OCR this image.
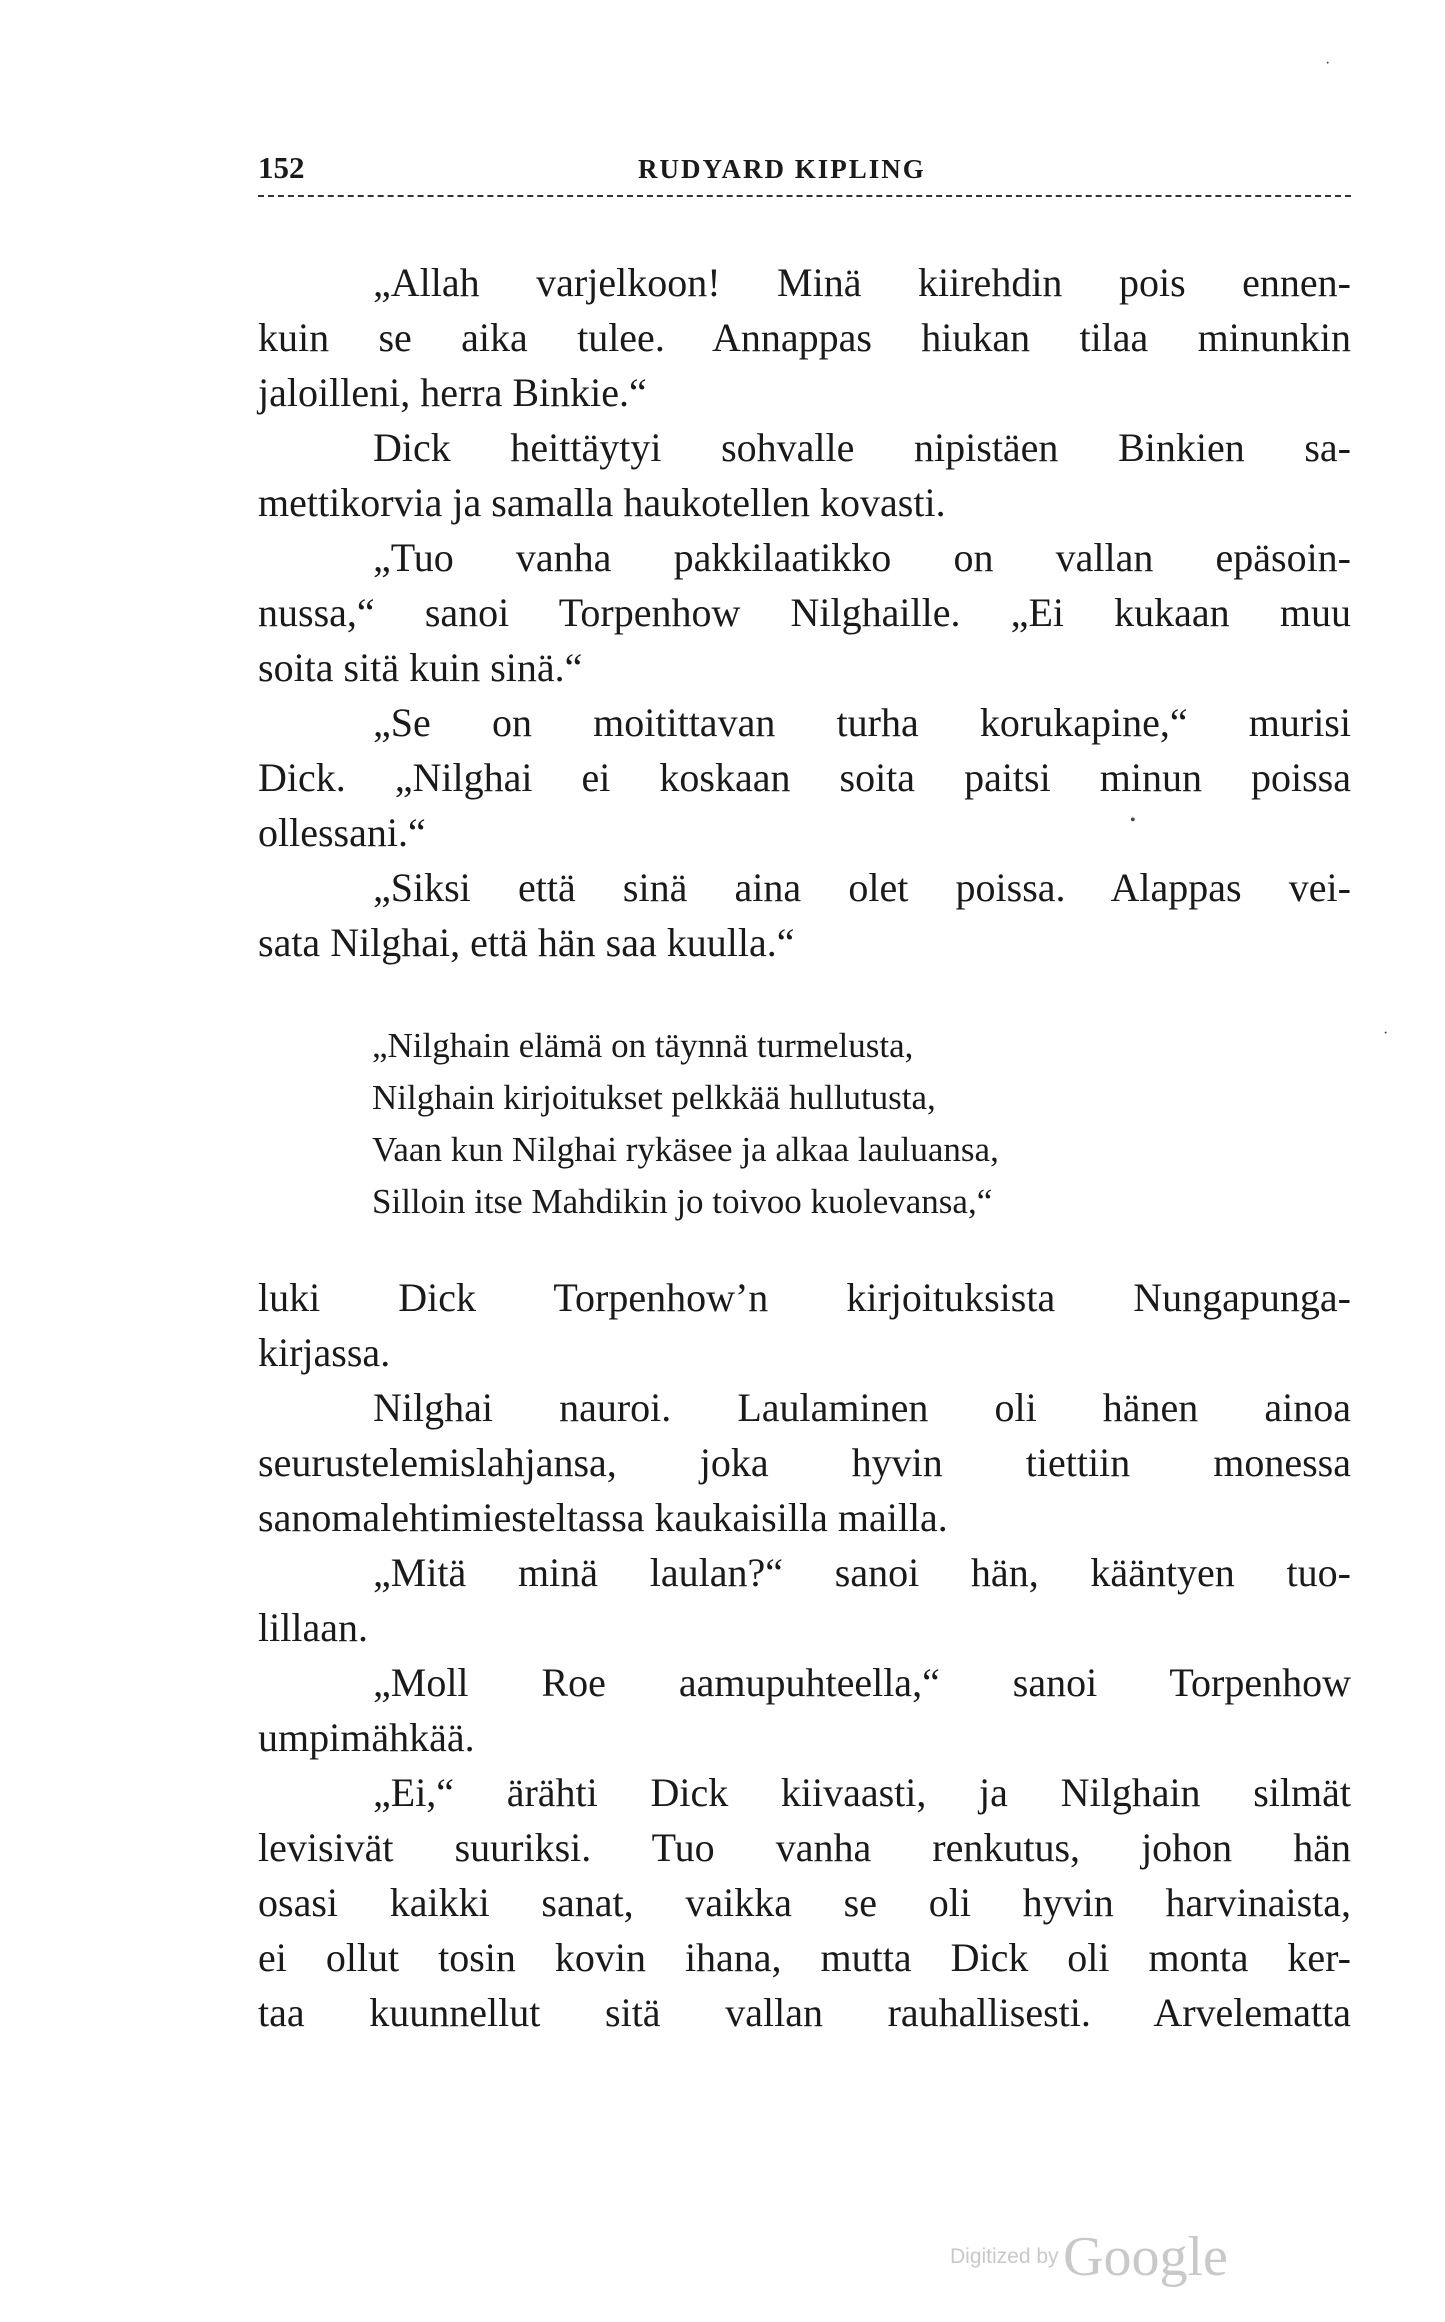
152	RUDYARD KIPLING
„Allah varjelkoon! Minä kiirehdin pois ennen-
kuin se aika tulee. Annappas hiukan tilaa minunkin
jaloilleni, herra Binkie.“
Dick heittäytyi sohvalle nipistäen Binkien sa-
mettikorvia ja samalla haukotellen kovasti.
„Tuo vanha pakkilaatikko on vallan epäsoin-
nussa,“ sanoi Torpenhow Nilghaille. „Ei kukaan muu
soita sitä kuin sinä.“
„Se on moitittavan turha korukapine,“ murisi
Dick. „Nilghai ei koskaan soita paitsi minun poissa
ollessani.“
„Siksi että sinä aina olet poissa. Alappas vei-
sata Nilghai, että hän saa kuulla.“
„Nilghain elämä on täynnä turmelusta,
Nilghain kirjoitukset pelkkää hullutusta,
Vaan kun Nilghai rykäsee ja alkaa lauluansa,
Silloin itse Mahdikin jo toivoo kuolevansa,“
luki Dick Torpenhow’n kirjoituksista Nungapunga-
kirjassa.
Nilghai nauroi. Laulaminen oli hänen ainoa
seurustelemislahjansa, joka hyvin tiettiin monessa
sanomalehtimiesteltassa kaukaisilla mailla.
„Mitä minä laulan?“ sanoi hän, kääntyen tuo-
lillaan.
„Moll Roe aamupuhteella,“ sanoi Torpenhow
umpimähkää.
„Ei,“ ärähti Dick kiivaasti, ja Nilghain silmät
levisivät suuriksi. Tuo vanha renkutus, johon hän
osasi kaikki sanat, vaikka se oli hyvin harvinaista,
ei ollut tosin kovin ihana, mutta Dick oli monta ker-
taa kuunnellut sitä vallan rauhallisesti. Arvelematta
·
•
·
Digitized by Google
